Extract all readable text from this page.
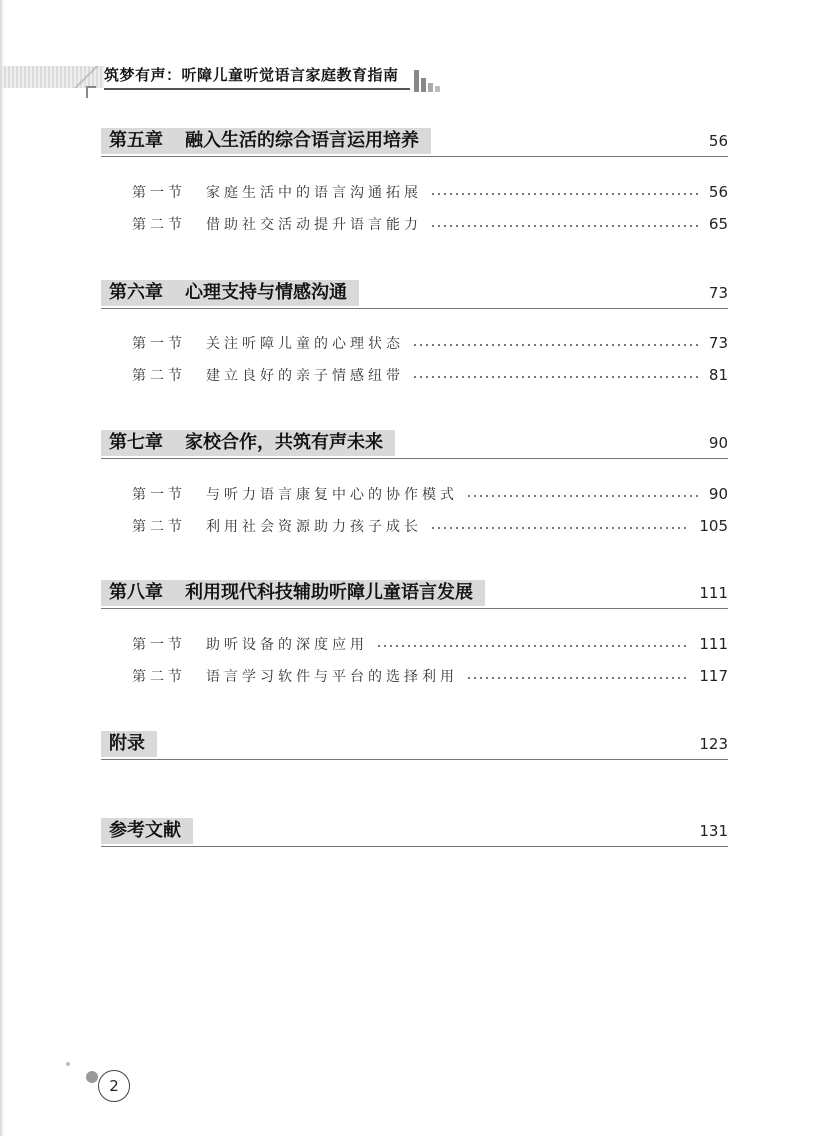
筑梦有声：听障儿童听觉语言家庭教育指南
第五章 融入生活的综合语言运用培养	56
第一节	家庭生活中的语言沟通拓展	56
第二节	借助社交活动提升语言能力	65
第六章 心理支持与情感沟通	73
第一节	关注听障儿童的心理状态	73
第二节	建立良好的亲子情感纽带	81
第七章 家校合作，共筑有声未来	90
第一节	与听力语言康复中心的协作模式	90
第二节	利用社会资源助力孩子成长	105
第八章 利用现代科技辅助听障儿童语言发展	111
第一节	助听设备的深度应用	111
第二节	语言学习软件与平台的选择利用	117
附录	123
参考文献	131
2
